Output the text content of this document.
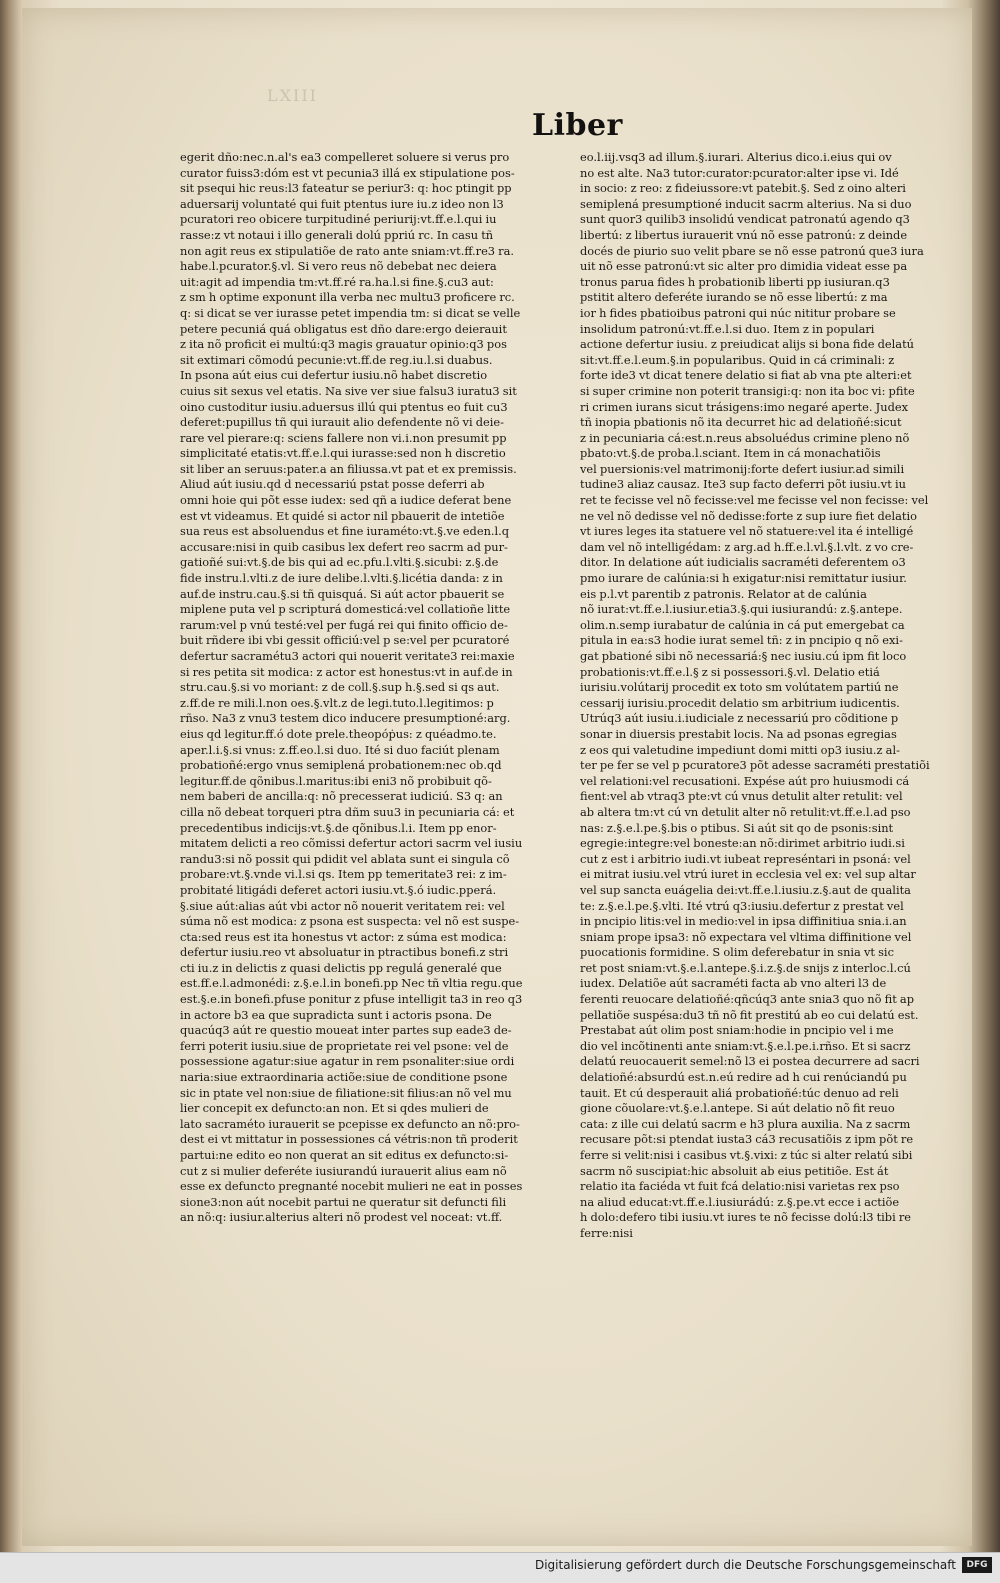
LXIII
Liber
egerit dño:nec.n.al's ea3 compelleret soluere si verus pro
curator fuiss3:dóm est vt pecunia3 illá ex stipulatione pos-
sit psequi hic reus:l3 fateatur se periur3: q: hoc ptingit pp
aduersarij voluntaté qui fuit ptentus iure iu.z ideo non l3
pcuratori reo obicere turpitudiné periurij:vt.ff.e.l.qui iu
rasse:z vt notaui i illo generali dolú ppriú rc. In casu tñ
non agit reus ex stipulatiõe de rato ante sniam:vt.ff.re3 ra.
habe.l.pcurator.§.vl. Si vero reus nõ debebat nec deiera
uit:agit ad impendia tm:vt.ff.ré ra.ha.l.si fine.§.cu3 aut:
z sm h optime exponunt illa verba nec multu3 proficere rc.
q: si dicat se ver iurasse petet impendia tm: si dicat se velle
petere pecuniá quá obligatus est dño dare:ergo deierauit
z ita nõ proficit ei multú:q3 magis grauatur opinio:q3 pos
sit extimari cõmodú pecunie:vt.ff.de reg.iu.l.si duabus.
In psona aút eius cui defertur iusiu.nõ habet discretio
cuius sit sexus vel etatis. Na sive ver siue falsu3 iuratu3 sit
oino custoditur iusiu.aduersus illú qui ptentus eo fuit cu3
deferet:pupillus tñ qui iurauit alio defendente nõ vi deie-
rare vel pierare:q: sciens fallere non vi.i.non presumit pp
simplicitaté etatis:vt.ff.e.l.qui iurasse:sed non h discretio
sit liber an seruus:pater.a an filiussa.vt pat et ex premissis.
Aliud aút iusiu.qd d necessariú pstat posse deferri ab
omni hoie qui põt esse iudex: sed qñ a iudice deferat bene
est vt videamus. Et quidé si actor nil pbauerit de intetiõe
sua reus est absoluendus et fine iuraméto:vt.§.ve eden.l.q
accusare:nisi in quib casibus lex defert reo sacrm ad pur-
gatioñé sui:vt.§.de bis qui ad ec.pfu.l.vlti.§.sicubi: z.§.de
fide instru.l.vlti.z de iure delibe.l.vlti.§.licétia danda: z in
auf.de instru.cau.§.si tñ quisquá. Si aút actor pbauerit se
miplene puta vel p scripturá domesticá:vel collatioñe litte
rarum:vel p vnú testé:vel per fugá rei qui finito officio de-
buit rñdere ibi vbi gessit officiú:vel p se:vel per pcuratoré
defertur sacramétu3 actori qui nouerit veritate3 rei:maxie
si res petita sit modica: z actor est honestus:vt in auf.de in
stru.cau.§.si vo moriant: z de coll.§.sup h.§.sed si qs aut.
z.ff.de re mili.l.non oes.§.vlt.z de legi.tuto.l.legitimos: p
rñso. Na3 z vnu3 testem dico inducere presumptioné:arg.
eius qd legitur.ff.ó dote prele.theopóṗus: z quéadmo.te.
aper.l.i.§.si vnus: z.ff.eo.l.si duo. Ité si duo faciút plenam
probatioñé:ergo vnus semiplená probationem:nec ob.qd
legitur.ff.de qõnibus.l.maritus:ibi eni3 nõ probibuit qõ-
nem baberi de ancilla:q: nõ precesserat iudiciú. S3 q: an
cilla nõ debeat torqueri ptra dñm suu3 in pecuniaria cá: et
precedentibus indicijs:vt.§.de qõnibus.l.i. Item pp enor-
mitatem delicti a reo cõmissi defertur actori sacrm vel iusiu
randu3:si nõ possit qui pdidit vel ablata sunt ei singula cõ
probare:vt.§.vnde vi.l.si qs. Item pp temeritate3 rei: z im-
probitaté litigádi deferet actori iusiu.vt.§.ó iudic.pperá.
§.siue aút:alias aút vbi actor nõ nouerit veritatem rei: vel
súma nõ est modica: z psona est suspecta: vel nõ est suspe-
cta:sed reus est ita honestus vt actor: z súma est modica:
defertur iusiu.reo vt absoluatur in ptractibus bonefi.z stri
cti iu.z in delictis z quasi delictis pp regulá generalé que
est.ff.e.l.admonédi: z.§.e.l.in bonefi.pp Nec tñ vltia regu.que
est.§.e.in bonefi.pfuse ponitur z pfuse intelligit ta3 in reo q3
in actore b3 ea que supradicta sunt i actoris psona. De
quacúq3 aút re questio moueat inter partes sup eade3 de-
ferri poterit iusiu.siue de proprietate rei vel psone: vel de
possessione agatur:siue agatur in rem psonaliter:siue ordi
naria:siue extraordinaria actiõe:siue de conditione psone
sic in ptate vel non:siue de filiatione:sit filius:an nõ vel mu
lier concepit ex defuncto:an non. Et si qdes mulieri de
lato sacraméto iurauerit se pcepisse ex defuncto an nõ:pro-
dest ei vt mittatur in possessiones cá vétris:non tñ proderit
partui:ne edito eo non querat an sit editus ex defuncto:si-
cut z si mulier deferéte iusiurandú iurauerit alius eam nõ
esse ex defuncto pregnanté nocebit mulieri ne eat in posses
sione3:non aút nocebit partui ne queratur sit defuncti fili
an nõ:q: iusiur.alterius alteri nõ prodest vel noceat: vt.ff.
eo.l.iij.vsq3 ad illum.§.iurari. Alterius dico.i.eius qui ov
no est alte. Na3 tutor:curator:pcurator:alter ipse vi. Idé
in socio: z reo: z fideiussore:vt patebit.§. Sed z oino alteri
semiplená presumptioné inducit sacrm alterius. Na si duo
sunt quor3 quilib3 insolidú vendicat patronatú agendo q3
libertú: z libertus iurauerit vnú nõ esse patronú: z deinde
docés de piurio suo velit pbare se nõ esse patronú que3 iura
uit nõ esse patronú:vt sic alter pro dimidia videat esse pa
tronus parua fides h probationib liberti pp iusiuran.q3
pstitit altero deferéte iurando se nõ esse libertú: z ma
ior h fides pbatioibus patroni qui núc nititur probare se
insolidum patronú:vt.ff.e.l.si duo. Item z in populari
actione defertur iusiu. z preiudicat alijs si bona fide delatú
sit:vt.ff.e.l.eum.§.in popularibus. Quid in cá criminali: z
forte ide3 vt dicat tenere delatio si fiat ab vna pte alteri:et
si super crimine non poterit transigi:q: non ita boc vi: pfite
ri crimen iurans sicut trásigens:imo negaré aperte. Judex
tñ inopia pbationis nõ ita decurret hic ad delatioñé:sicut
z in pecuniaria cá:est.n.reus absoluédus crimine pleno nõ
pbato:vt.§.de proba.l.sciant. Item in cá monachatiõis
vel puersionis:vel matrimonij:forte defert iusiur.ad simili
tudine3 aliaz causaz. Ite3 sup facto deferri põt iusiu.vt iu
ret te fecisse vel nõ fecisse:vel me fecisse vel non fecisse: vel
ne vel nõ dedisse vel nõ dedisse:forte z sup iure fiet delatio
vt iures leges ita statuere vel nõ statuere:vel ita é intelligé
dam vel nõ intelligédam: z arg.ad h.ff.e.l.vl.§.l.vlt. z vo cre-
ditor. In delatione aút iudicialis sacraméti deferentem o3
pmo iurare de calúnia:si h exigatur:nisi remittatur iusiur.
eis p.l.vt parentib z patronis. Relator at de calúnia
nõ iurat:vt.ff.e.l.iusiur.etia3.§.qui iusiurandú: z.§.antepe.
olim.n.semp iurabatur de calúnia in cá put emergebat ca
pitula in ea:s3 hodie iurat semel tñ: z in pncipio q nõ exi-
gat pbationé sibi nõ necessariá:§ nec iusiu.cú ipm fit loco
probationis:vt.ff.e.l.§ z si possessori.§.vl. Delatio etiá
iurisiu.volútarij procedit ex toto sm volútatem partiú ne
cessarij iurisiu.procedit delatio sm arbitrium iudicentis.
Utrúq3 aút iusiu.i.iudiciale z necessariú pro cõditione p
sonar in diuersis prestabit locis. Na ad psonas egregias
z eos qui valetudine impediunt domi mitti op3 iusiu.z al-
ter pe fer se vel p pcuratore3 põt adesse sacraméti prestatiõi
vel relationi:vel recusationi. Expése aút pro huiusmodi cá
fient:vel ab vtraq3 pte:vt cú vnus detulit alter retulit: vel
ab altera tm:vt cú vn detulit alter nõ retulit:vt.ff.e.l.ad pso
nas: z.§.e.l.pe.§.bis o ptibus. Si aút sit qo de psonis:sint
egregie:integre:vel boneste:an nõ:dirimet arbitrio iudi.si
cut z est i arbitrio iudi.vt iubeat represéntari in psoná: vel
ei mitrat iusiu.vel vtrú iuret in ecclesia vel ex: vel sup altar
vel sup sancta euágelia dei:vt.ff.e.l.iusiu.z.§.aut de qualita
te: z.§.e.l.pe.§.vlti. Ité vtrú q3:iusiu.defertur z prestat vel
in pncipio litis:vel in medio:vel in ipsa diffinitiua snia.i.an
sniam prope ipsa3: nõ expectara vel vltima diffinitione vel
puocationis formidine. S olim deferebatur in snia vt sic
ret post sniam:vt.§.e.l.antepe.§.i.z.§.de snijs z interloc.l.cú
iudex. Delatiõe aút sacraméti facta ab vno alteri l3 de
ferenti reuocare delatioñé:qñcúq3 ante snia3 quo nõ fit ap
pellatiõe suspésa:du3 tñ nõ fit prestitú ab eo cui delatú est.
Prestabat aút olim post sniam:hodie in pncipio vel i me
dio vel incõtinenti ante sniam:vt.§.e.l.pe.i.rñso. Et si sacrz
delatú reuocauerit semel:nõ l3 ei postea decurrere ad sacri
delatioñé:absurdú est.n.eú redire ad h cui renúciandú pu
tauit. Et cú desperauit aliá probatioñé:túc denuo ad reli
gione cõuolare:vt.§.e.l.antepe. Si aút delatio nõ fit reuo
cata: z ille cui delatú sacrm e h3 plura auxilia. Na z sacrm
recusare põt:si ptendat iusta3 cá3 recusatiõis z ipm põt re
ferre si velit:nisi i casibus vt.§.vixi: z túc si alter relatú sibi
sacrm nõ suscipiat:hic absoluit ab eius petitiõe. Est át
relatio ita faciéda vt fuit fcá delatio:nisi varietas rex pso
na aliud educat:vt.ff.e.l.iusiurádú: z.§.pe.vt ecce i actiõe
h dolo:defero tibi iusiu.vt iures te nõ fecisse dolú:l3 tibi re
ferre:nisi
Digitalisierung gefördert durch die Deutsche Forschungsgemeinschaft	DFG
